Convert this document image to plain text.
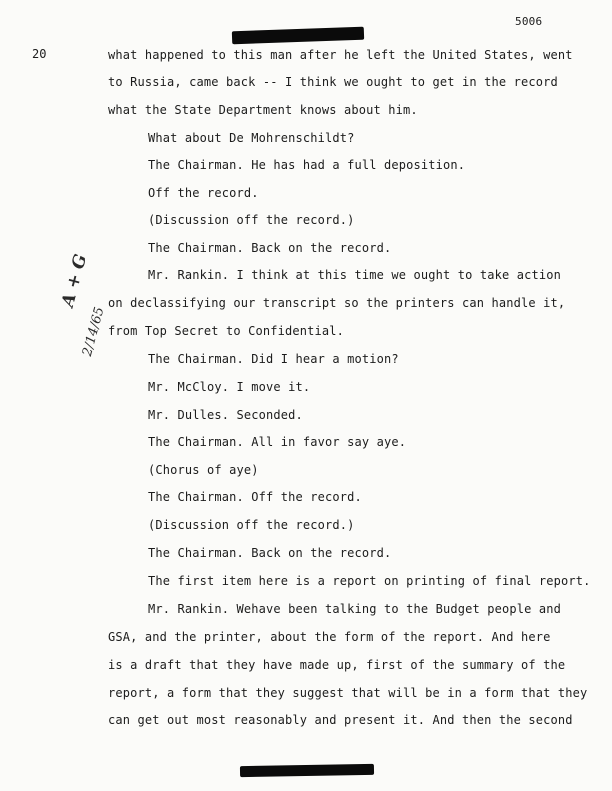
5006
20
A + G
2/14/65
what happened to this man after he left the United States, went
to Russia, came back -- I think we ought to get in the record
what the State Department knows about him.
What about De Mohrenschildt?
The Chairman. He has had a full deposition.
Off the record.
(Discussion off the record.)
The Chairman. Back on the record.
Mr. Rankin. I think at this time we ought to take action
on declassifying our transcript so the printers can handle it,
from Top Secret to Confidential.
The Chairman. Did I hear a motion?
Mr. McCloy. I move it.
Mr. Dulles. Seconded.
The Chairman. All in favor say aye.
(Chorus of aye)
The Chairman. Off the record.
(Discussion off the record.)
The Chairman. Back on the record.
The first item here is a report on printing of final report.
Mr. Rankin. Wehave been talking to the Budget people and
GSA, and the printer, about the form of the report. And here
is a draft that they have made up, first of the summary of the
report, a form that they suggest that will be in a form that they
can get out most reasonably and present it. And then the second
